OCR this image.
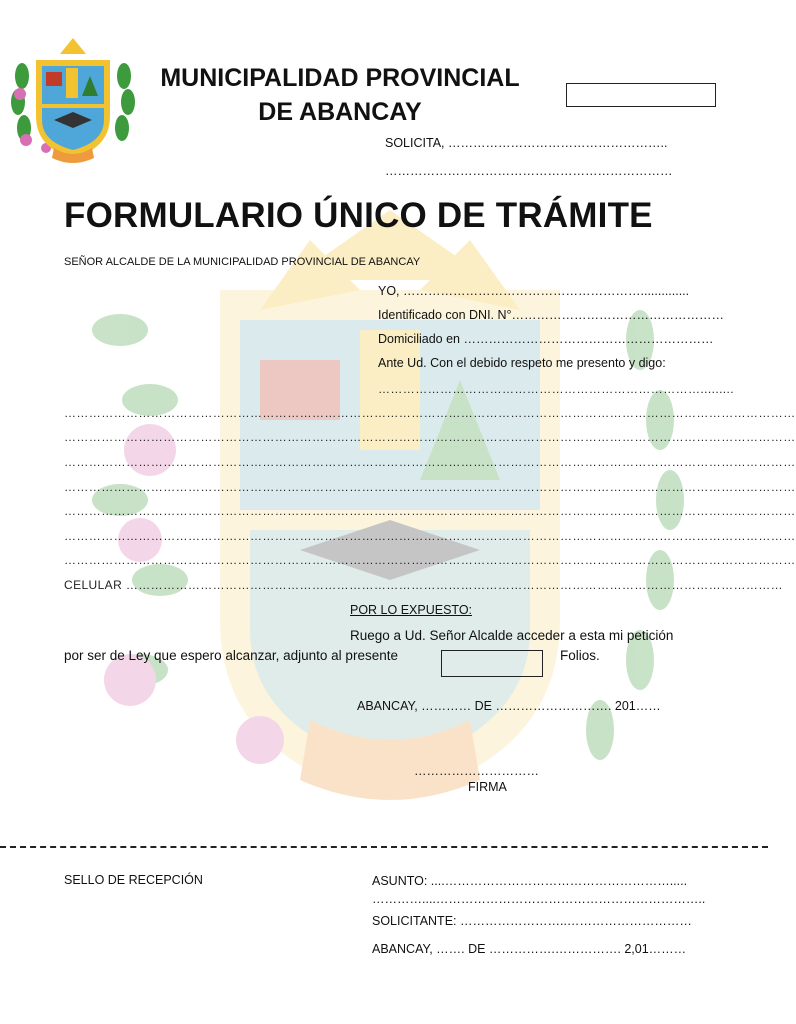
MUNICIPALIDAD PROVINCIAL
DE ABANCAY
SOLICITA, ……………………………………………..
……………………………………………………………
FORMULARIO ÚNICO DE TRÁMITE
SEÑOR ALCALDE DE LA MUNICIPALIDAD PROVINCIAL DE ABANCAY
YO, …………………………………………………..............
Identificado con DNI. N°……………………………………………
Domiciliado en ……………………………………………………
Ante Ud. Con el debido respeto me presento y digo:
…………………………………………………………………….........
……………………………………………………………………………………………………………………………………………………………
……………………………………………………………………………………………………………………………………………………………
……………………………………………………………………………………………………………………………………………………………
……………………………………………………………………………………………………………………………………………………………
……………………………………………………………………………………………………………………………………………………………
……………………………………………………………………………………………………………………………………………………………
……………………………………………………………………………………………………………………………………………………………
CELULAR ……………………………………………………………………………………………………………………………………………
POR LO EXPUESTO:
Ruego a Ud. Señor Alcalde acceder a esta mi petición
por ser de Ley que espero alcanzar, adjunto al presente	Folios.
ABANCAY, ………… DE ………………………. 201……
…………………………
FIRMA
SELLO DE RECEPCIÓN	ASUNTO: ....……………………………………………….....
…………....………………………………………………………..
SOLICITANTE: ……………………..…………………………
ABANCAY, ……. DE …………….……………. 2,01………
